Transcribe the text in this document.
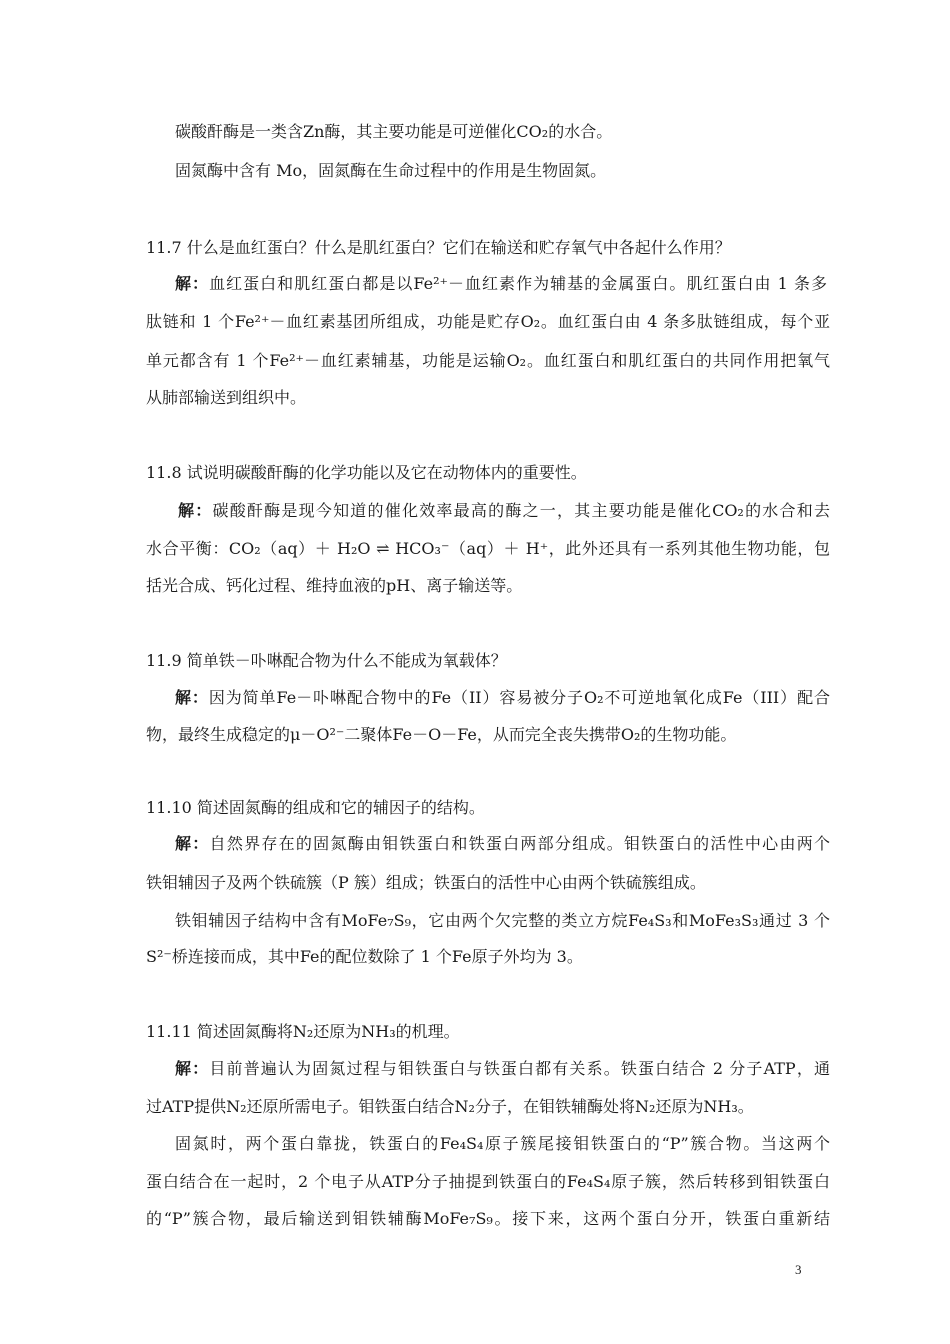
碳酸酐酶是一类含Zn酶，其主要功能是可逆催化CO₂的水合。
固氮酶中含有 Mo，固氮酶在生命过程中的作用是生物固氮。
11.7 什么是血红蛋白？什么是肌红蛋白？它们在输送和贮存氧气中各起什么作用？
解：血红蛋白和肌红蛋白都是以Fe²⁺－血红素作为辅基的金属蛋白。肌红蛋白由 1 条多
肽链和 1 个Fe²⁺－血红素基团所组成，功能是贮存O₂。血红蛋白由 4 条多肽链组成，每个亚
单元都含有 1 个Fe²⁺－血红素辅基，功能是运输O₂。血红蛋白和肌红蛋白的共同作用把氧气
从肺部输送到组织中。
11.8 试说明碳酸酐酶的化学功能以及它在动物体内的重要性。
解：碳酸酐酶是现今知道的催化效率最高的酶之一，其主要功能是催化CO₂的水合和去
水合平衡：CO₂（aq）＋ H₂O ⇌ HCO₃⁻（aq）＋ H⁺，此外还具有一系列其他生物功能，包
括光合成、钙化过程、维持血液的pH、离子输送等。
11.9 简单铁－卟啉配合物为什么不能成为氧载体？
解：因为简单Fe－卟啉配合物中的Fe（II）容易被分子O₂不可逆地氧化成Fe（III）配合
物，最终生成稳定的μ－O²⁻二聚体Fe－O－Fe，从而完全丧失携带O₂的生物功能。
11.10 简述固氮酶的组成和它的辅因子的结构。
解：自然界存在的固氮酶由钼铁蛋白和铁蛋白两部分组成。钼铁蛋白的活性中心由两个
铁钼辅因子及两个铁硫簇（P 簇）组成；铁蛋白的活性中心由两个铁硫簇组成。
铁钼辅因子结构中含有MoFe₇S₉，它由两个欠完整的类立方烷Fe₄S₃和MoFe₃S₃通过 3 个
S²⁻桥连接而成，其中Fe的配位数除了 1 个Fe原子外均为 3。
11.11 简述固氮酶将N₂还原为NH₃的机理。
解：目前普遍认为固氮过程与钼铁蛋白与铁蛋白都有关系。铁蛋白结合 2 分子ATP，通
过ATP提供N₂还原所需电子。钼铁蛋白结合N₂分子，在钼铁辅酶处将N₂还原为NH₃。
固氮时，两个蛋白靠拢，铁蛋白的Fe₄S₄原子簇尾接钼铁蛋白的“P”簇合物。当这两个
蛋白结合在一起时，2 个电子从ATP分子抽提到铁蛋白的Fe₄S₄原子簇，然后转移到钼铁蛋白
的“P”簇合物，最后输送到钼铁辅酶MoFe₇S₉。接下来，这两个蛋白分开，铁蛋白重新结
3
